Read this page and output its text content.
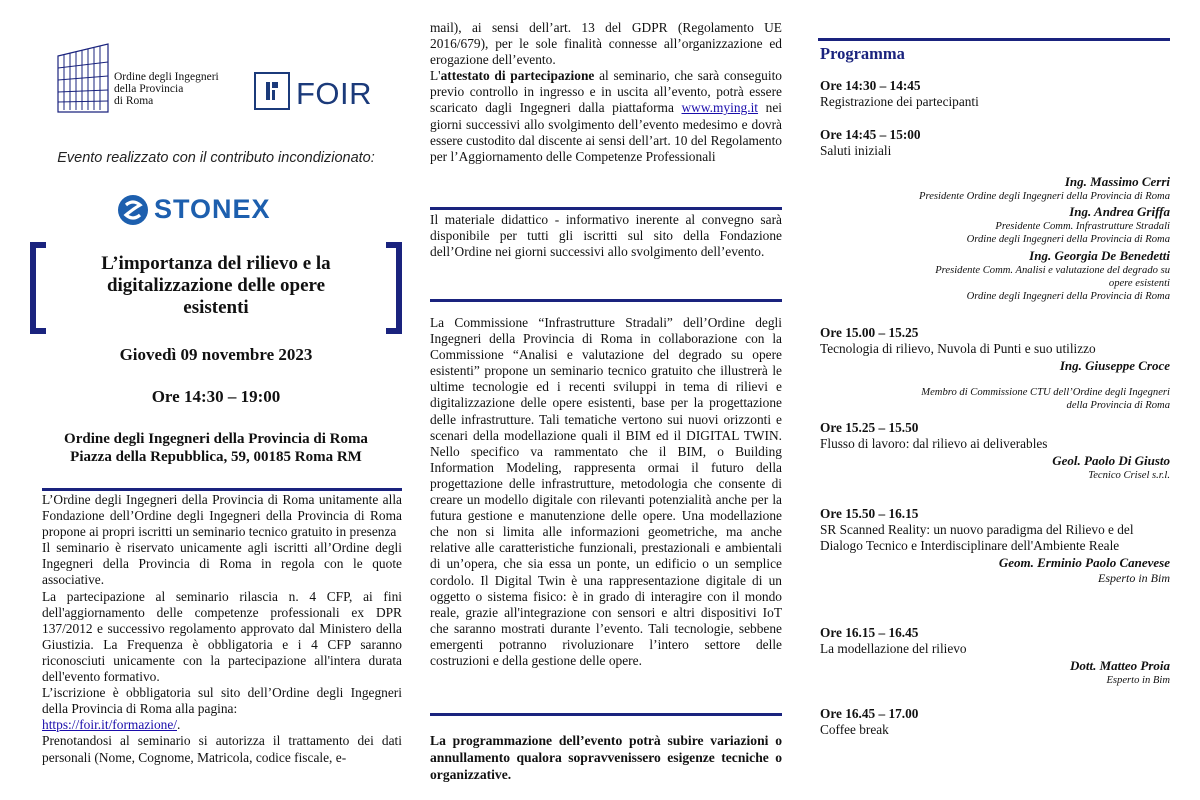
Ordine degli Ingegneri
della Provincia
di Roma	FOIR
Evento realizzato con il contributo incondizionato:
STONEX
L’importanza del rilievo e la
digitalizzazione delle opere
esistenti
Giovedì 09 novembre 2023
Ore 14:30 – 19:00
Ordine degli Ingegneri della Provincia di Roma
Piazza della Repubblica, 59, 00185 Roma RM

L’Ordine degli Ingegneri della Provincia di Roma unitamente alla Fondazione dell’Ordine degli Ingegneri della Provincia di Roma propone ai propri iscritti un seminario tecnico gratuito in presenza

Il seminario è riservato unicamente agli iscritti all’Ordine degli Ingegneri della Provincia di Roma in regola con le quote associative.

La partecipazione al seminario rilascia n. 4 CFP, ai fini dell'aggiornamento delle competenze professionali ex DPR 137/2012 e successivo regolamento approvato dal Ministero della Giustizia. La Frequenza è obbligatoria e i 4 CFP saranno riconosciuti unicamente con la partecipazione all'intera durata dell'evento formativo.

L’iscrizione è obbligatoria sul sito dell’Ordine degli Ingegneri della Provincia di Roma alla pagina:
https://foir.it/formazione/.

Prenotandosi al seminario si autorizza il trattamento dei dati personali (Nome, Cognome, Matricola, codice fiscale, e-

mail), ai sensi dell’art. 13 del GDPR (Regolamento UE 2016/679), per le sole finalità connesse all’organizzazione ed erogazione dell’evento.

L'attestato di partecipazione al seminario, che sarà conseguito previo controllo in ingresso e in uscita all’evento, potrà essere scaricato dagli Ingegneri dalla piattaforma www.mying.it nei giorni successivi allo svolgimento dell’evento medesimo e dovrà essere custodito dal discente ai sensi dell’art. 10 del Regolamento per l’Aggiornamento delle Competenze Professionali

Il materiale didattico - informativo inerente al convegno sarà disponibile per tutti gli iscritti sul sito della Fondazione dell’Ordine nei giorni successivi allo svolgimento dell’evento.

La Commissione “Infrastrutture Stradali” dell’Ordine degli Ingegneri della Provincia di Roma in collaborazione con la Commissione “Analisi e valutazione del degrado su opere esistenti” propone un seminario tecnico gratuito che illustrerà le ultime tecnologie ed i recenti sviluppi in tema di rilievi e digitalizzazione delle opere esistenti, base per la progettazione delle infrastrutture. Tali tematiche vertono sui nuovi orizzonti e scenari della modellazione quali il BIM ed il DIGITAL TWIN. Nello specifico va rammentato che il BIM, o Building Information Modeling, rappresenta ormai il futuro della progettazione delle infrastrutture, metodologia che consente di creare un modello digitale con rilevanti potenzialità anche per la futura gestione e manutenzione delle opere. Una modellazione che non si limita alle informazioni geometriche, ma anche relative alle caratteristiche funzionali, prestazionali e ambientali di un’opera, che sia essa un ponte, un edificio o un semplice cordolo. Il Digital Twin è una rappresentazione digitale di un oggetto o sistema fisico: è in grado di interagire con il mondo reale, grazie all'integrazione con sensori e altri dispositivi IoT che saranno mostrati durante l’evento. Tali tecnologie, sebbene emergenti potranno rivoluzionare l’intero settore delle costruzioni e della gestione delle opere.

La programmazione dell’evento potrà subire variazioni o annullamento qualora sopravvenissero esigenze tecniche o organizzative.
Programma
Ore 14:30 – 14:45
Registrazione dei partecipanti
Ore 14:45 – 15:00
Saluti iniziali
Ing. Massimo Cerri
Presidente Ordine degli Ingegneri della Provincia di Roma
Ing. Andrea Griffa
Presidente Comm. Infrastrutture Stradali
Ordine degli Ingegneri della Provincia di Roma
Ing. Georgia De Benedetti
Presidente Comm. Analisi e valutazione del degrado su
opere esistenti
Ordine degli Ingegneri della Provincia di Roma
Ore 15.00 – 15.25
Tecnologia di rilievo, Nuvola di Punti e suo utilizzo
Ing. Giuseppe Croce
Membro di Commissione CTU dell’Ordine degli Ingegneri
della Provincia di Roma
Ore 15.25 – 15.50
Flusso di lavoro: dal rilievo ai deliverables
Geol. Paolo Di Giusto
Tecnico Crisel s.r.l.
Ore 15.50 – 16.15
SR Scanned Reality: un nuovo paradigma del Rilievo e del Dialogo Tecnico e Interdisciplinare dell'Ambiente Reale
Geom. Erminio Paolo Canevese
Esperto in Bim
Ore 16.15 – 16.45
La modellazione del rilievo
Dott. Matteo Proia
Esperto in Bim
Ore 16.45 – 17.00
Coffee break
